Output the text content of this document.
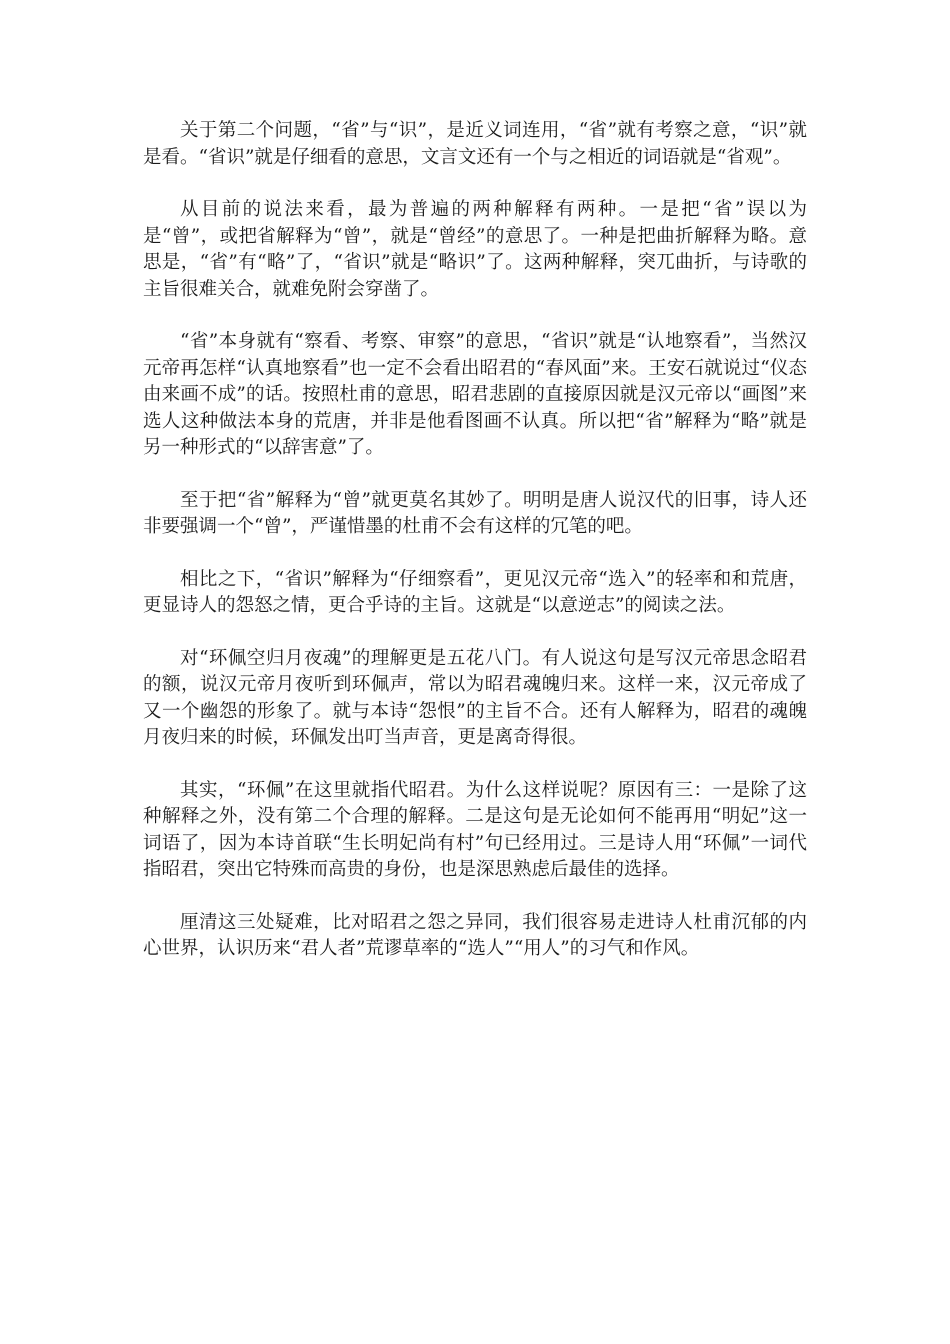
关于第二个问题，“省”与“识”，是近义词连用，“省”就有考察之意，“识”就是看。“省识”就是仔细看的意思，文言文还有一个与之相近的词语就是“省观”。

从目前的说法来看，最为普遍的两种解释有两种。一是把“省”误以为是“曾”，或把省解释为“曾”，就是“曾经”的意思了。一种是把曲折解释为略。意思是，“省”有“略”了，“省识”就是“略识”了。这两种解释，突兀曲折，与诗歌的主旨很难关合，就难免附会穿凿了。

“省”本身就有“察看、考察、审察”的意思，“省识”就是“认地察看”，当然汉元帝再怎样“认真地察看”也一定不会看出昭君的“春风面”来。王安石就说过“仪态由来画不成”的话。按照杜甫的意思，昭君悲剧的直接原因就是汉元帝以“画图”来选人这种做法本身的荒唐，并非是他看图画不认真。所以把“省”解释为“略”就是另一种形式的“以辞害意”了。

至于把“省”解释为“曾”就更莫名其妙了。明明是唐人说汉代的旧事，诗人还非要强调一个“曾”，严谨惜墨的杜甫不会有这样的冗笔的吧。

相比之下，“省识”解释为“仔细察看”，更见汉元帝“选入”的轻率和和荒唐，更显诗人的怨怒之情，更合乎诗的主旨。这就是“以意逆志”的阅读之法。

对“环佩空归月夜魂”的理解更是五花八门。有人说这句是写汉元帝思念昭君的额，说汉元帝月夜听到环佩声，常以为昭君魂魄归来。这样一来，汉元帝成了又一个幽怨的形象了。就与本诗“怨恨”的主旨不合。还有人解释为，昭君的魂魄月夜归来的时候，环佩发出叮当声音，更是离奇得很。

其实，“环佩”在这里就指代昭君。为什么这样说呢？原因有三：一是除了这种解释之外，没有第二个合理的解释。二是这句是无论如何不能再用“明妃”这一词语了，因为本诗首联“生长明妃尚有村”句已经用过。三是诗人用“环佩”一词代指昭君，突出它特殊而高贵的身份，也是深思熟虑后最佳的选择。

厘清这三处疑难，比对昭君之怨之异同，我们很容易走进诗人杜甫沉郁的内心世界，认识历来“君人者”荒谬草率的“选人”“用人”的习气和作风。
